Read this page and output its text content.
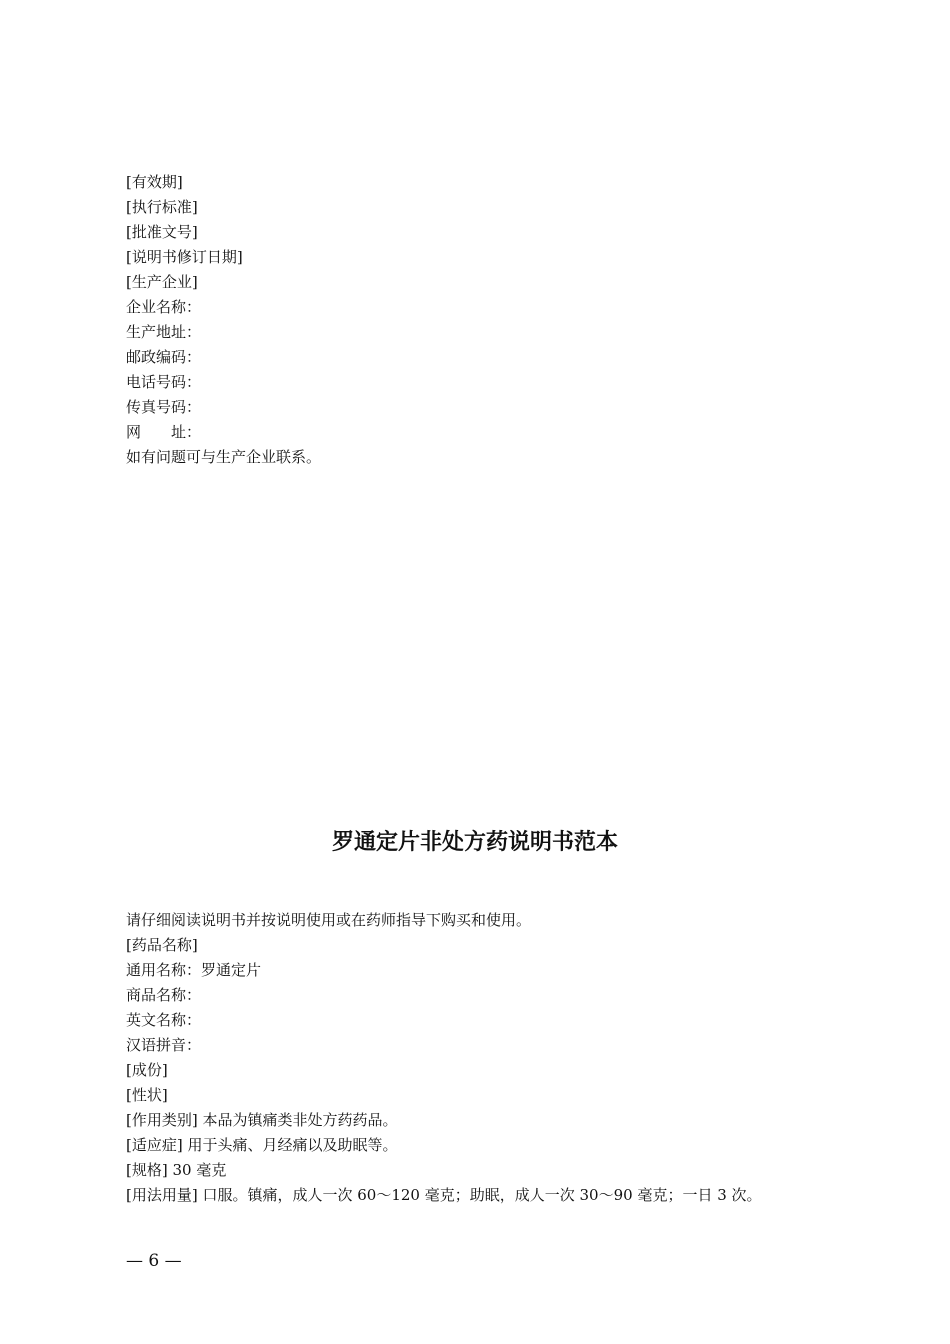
[有效期]
[执行标准]
[批准文号]
[说明书修订日期]
[生产企业]
企业名称：
生产地址：
邮政编码：
电话号码：
传真号码：
网　　址：
如有问题可与生产企业联系。
罗通定片非处方药说明书范本
请仔细阅读说明书并按说明使用或在药师指导下购买和使用。
[药品名称]
通用名称：罗通定片
商品名称：
英文名称：
汉语拼音：
[成份]
[性状]
[作用类别] 本品为镇痛类非处方药药品。
[适应症] 用于头痛、月经痛以及助眠等。
[规格] 30 毫克
[用法用量] 口服。镇痛，成人一次 60～120 毫克；助眠，成人一次 30～90 毫克；一日 3 次。
— 6 —
